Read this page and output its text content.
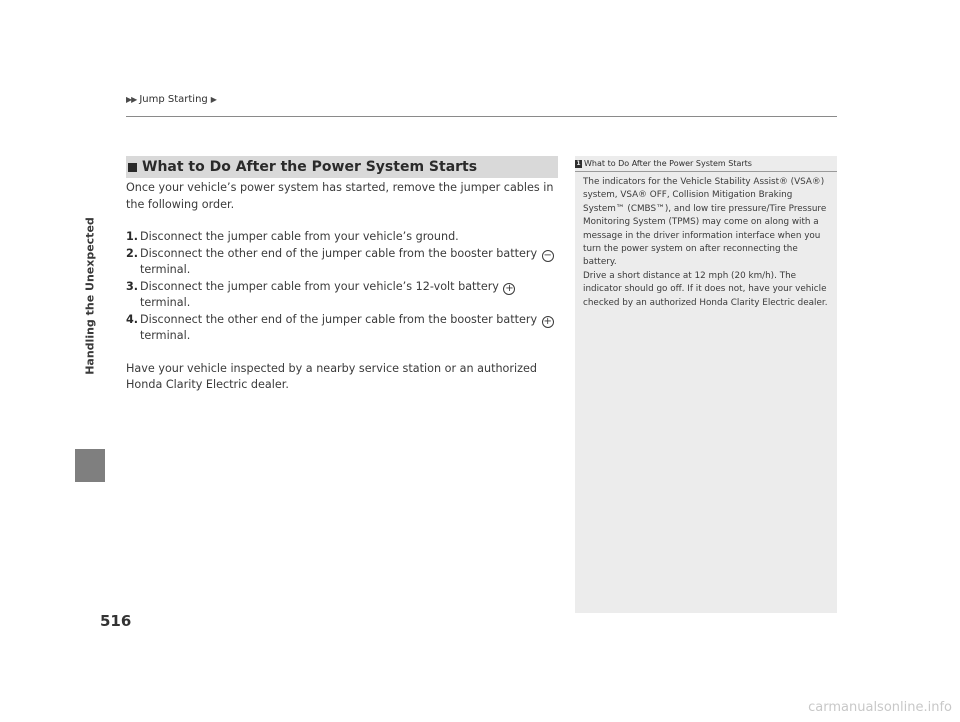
▶▶ Jump Starting ▶
Handling the Unexpected
516
What to Do After the Power System Starts

Once your vehicle’s power system has started, remove the jumper cables in the following order.

1. Disconnect the jumper cable from your vehicle’s ground.
2. Disconnect the other end of the jumper cable from the booster battery − terminal.
3. Disconnect the jumper cable from your vehicle’s 12-volt battery + terminal.
4. Disconnect the other end of the jumper cable from the booster battery + terminal.

Have your vehicle inspected by a nearby service station or an authorized Honda Clarity Electric dealer.

1 What to Do After the Power System Starts
The indicators for the Vehicle Stability Assist® (VSA®) system, VSA® OFF, Collision Mitigation Braking System™ (CMBS™), and low tire pressure/Tire Pressure Monitoring System (TPMS) may come on along with a message in the driver information interface when you turn the power system on after reconnecting the battery.
Drive a short distance at 12 mph (20 km/h). The indicator should go off. If it does not, have your vehicle checked by an authorized Honda Clarity Electric dealer.
carmanualsonline.info
